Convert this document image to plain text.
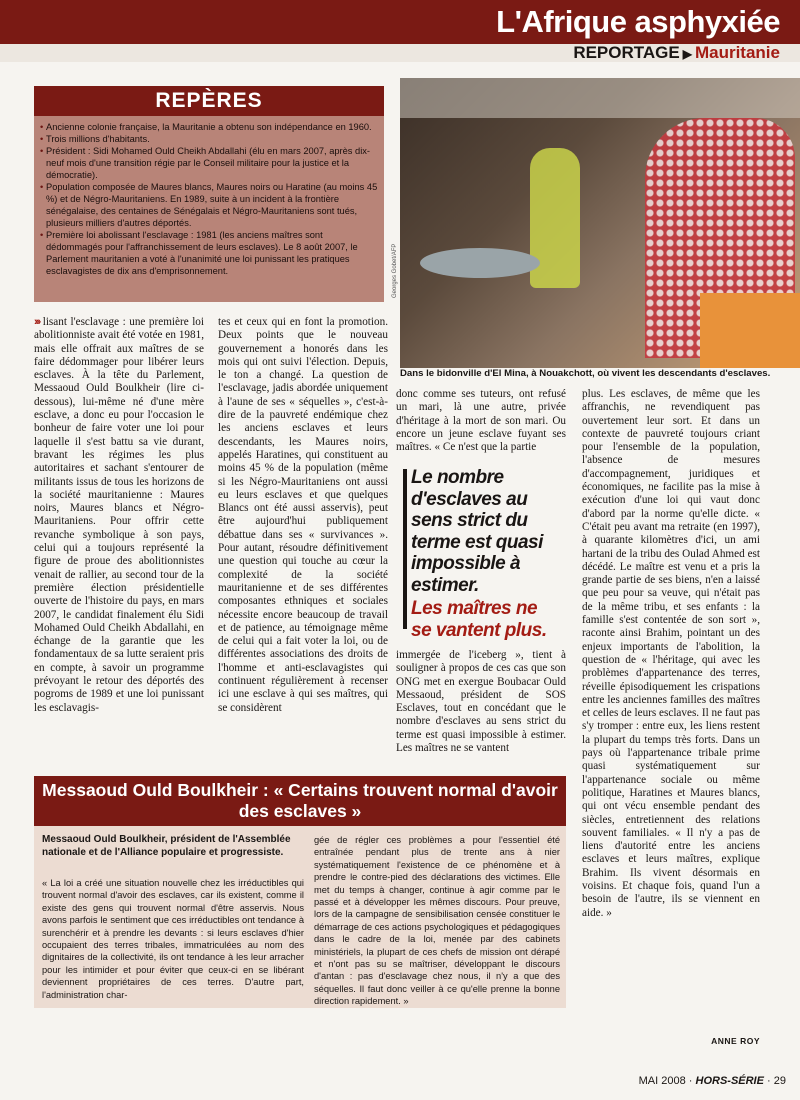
L'Afrique asphyxiée
REPORTAGE ▶ Mauritanie
REPÈRES
• Ancienne colonie française, la Mauritanie a obtenu son indépendance en 1960.
• Trois millions d'habitants.
• Président : Sidi Mohamed Ould Cheikh Abdallahi (élu en mars 2007, après dix-neuf mois d'une transition régie par le Conseil militaire pour la justice et la démocratie).
• Population composée de Maures blancs, Maures noirs ou Haratine (au moins 45 %) et de Négro-Mauritaniens. En 1989, suite à un incident à la frontière sénégalaise, des centaines de Sénégalais et Négro-Mauritaniens sont tués, plusieurs milliers d'autres déportés.
• Première loi abolissant l'esclavage : 1981 (les anciens maîtres sont dédommagés pour l'affranchissement de leurs esclaves). Le 8 août 2007, le Parlement mauritanien a voté à l'unanimité une loi punissant les pratiques esclavagistes de dix ans d'emprisonnement.	Georges Gobet/AFP
Dans le bidonville d'El Mina, à Nouakchott, où vivent les descendants d'esclaves.

››› lisant l'esclavage : une première loi abolitionniste avait été votée en 1981, mais elle offrait aux maîtres de se faire dédommager pour libérer leurs esclaves. À la tête du Parlement, Messaoud Ould Boulkheir (lire ci-dessous), lui-même né d'une mère esclave, a donc eu pour l'occasion le bonheur de faire voter une loi pour laquelle il s'est battu sa vie durant, bravant les régimes les plus autoritaires et sachant s'entourer de militants issus de tous les horizons de la société mauritanienne : Maures noirs, Maures blancs et Négro-Mauritaniens. Pour offrir cette revanche symbolique à son pays, celui qui a toujours représenté la figure de proue des abolitionnistes venait de rallier, au second tour de la première élection présidentielle ouverte de l'histoire du pays, en mars 2007, le candidat finalement élu Sidi Mohamed Ould Cheikh Abdallahi, en échange de la garantie que les fondamentaux de sa lutte seraient pris en compte, à savoir un programme prévoyant le retour des déportés des pogroms de 1989 et une loi punissant les esclavagis-

tes et ceux qui en font la promotion. Deux points que le nouveau gouvernement a honorés dans les mois qui ont suivi l'élection. Depuis, le ton a changé. La question de l'esclavage, jadis abordée uniquement à l'aune de ses « séquelles », c'est-à-dire de la pauvreté endémique chez les anciens esclaves et leurs descendants, les Maures noirs, appelés Haratines, qui constituent au moins 45 % de la population (même si les Négro-Mauritaniens ont aussi eu leurs esclaves et que quelques Blancs ont été aussi asservis), peut être aujourd'hui publiquement débattue dans ses « survivances ». Pour autant, résoudre définitivement une question qui touche au cœur la complexité de la société mauritanienne et de ses différentes composantes ethniques et sociales nécessite encore beaucoup de travail et de patience, au témoignage même de celui qui a fait voter la loi, ou de différentes associations des droits de l'homme et anti-esclavagistes qui continuent régulièrement à recenser ici une esclave à qui ses maîtres, qui se considèrent

donc comme ses tuteurs, ont refusé un mari, là une autre, privée d'héritage à la mort de son mari. Ou encore un jeune esclave fuyant ses maîtres. « Ce n'est que la partie

Le nombre d'esclaves au sens strict du terme est quasi impossible à estimer.
Les maîtres ne se vantent plus.

immergée de l'iceberg », tient à souligner à propos de ces cas que son ONG met en exergue Boubacar Ould Messaoud, président de SOS Esclaves, tout en concédant que le nombre d'esclaves au sens strict du terme est quasi impossible à estimer. Les maîtres ne se vantent

plus. Les esclaves, de même que les affranchis, ne revendiquent pas ouvertement leur sort. Et dans un contexte de pauvreté toujours criant pour l'ensemble de la population, l'absence de mesures d'accompagnement, juridiques et économiques, ne facilite pas la mise à exécution d'une loi qui vaut donc d'abord par la norme qu'elle dicte. « C'était peu avant ma retraite (en 1997), à quarante kilomètres d'ici, un ami hartani de la tribu des Oulad Ahmed est décédé. Le maître est venu et a pris la grande partie de ses biens, n'en a laissé que peu pour sa veuve, qui n'était pas de la même tribu, et ses enfants : la famille s'est contentée de son sort », raconte ainsi Brahim, pointant un des enjeux importants de l'abolition, la question de « l'héritage, qui avec les problèmes d'appartenance des terres, réveille épisodiquement les crispations entre les anciennes familles des maîtres et celles de leurs esclaves. Il ne faut pas s'y tromper : entre eux, les liens restent la plupart du temps très forts. Dans un pays où l'appartenance tribale prime quasi systématiquement sur l'appartenance sociale ou même politique, Haratines et Maures blancs, qui ont vécu ensemble pendant des siècles, entretiennent des relations souvent familiales. « Il n'y a pas de liens d'autorité entre les anciens esclaves et leurs maîtres, explique Brahim. Ils vivent désormais en voisins. Et chaque fois, quand l'un a besoin de l'autre, ils se viennent en aide. »

Messaoud Ould Boulkheir : « Certains trouvent normal d'avoir des esclaves »
Messaoud Ould Boulkheir, président de l'Assemblée nationale et de l'Alliance populaire et progressiste.
« La loi a créé une situation nouvelle chez les irréductibles qui trouvent normal d'avoir des esclaves, car ils existent, comme il existe des gens qui trouvent normal d'être asservis. Nous avons parfois le sentiment que ces irréductibles ont tendance à surenchérir et à prendre les devants : si leurs esclaves d'hier occupaient des terres tribales, immatriculées au nom des dignitaires de la collectivité, ils ont tendance à les leur arracher pour les intimider et pour éviter que ceux-ci en se libérant deviennent propriétaires de ces terres. D'autre part, l'administration char-
gée de régler ces problèmes a pour l'essentiel été entraînée pendant plus de trente ans à nier systématiquement l'existence de ce phénomène et à prendre le contre-pied des déclarations des victimes. Elle met du temps à changer, continue à agir comme par le passé et à développer les mêmes discours. Pour preuve, lors de la campagne de sensibilisation censée constituer le démarrage de ces actions psychologiques et pédagogiques dans le cadre de la loi, menée par des cabinets ministériels, la plupart de ces chefs de mission ont dérapé et n'ont pas su se maîtriser, développant le discours d'antan : pas d'esclavage chez nous, il n'y a que des séquelles. Il faut donc veiller à ce qu'elle prenne la bonne direction rapidement. »
ANNE ROY
MAI 2008 · HORS-SÉRIE · 29
